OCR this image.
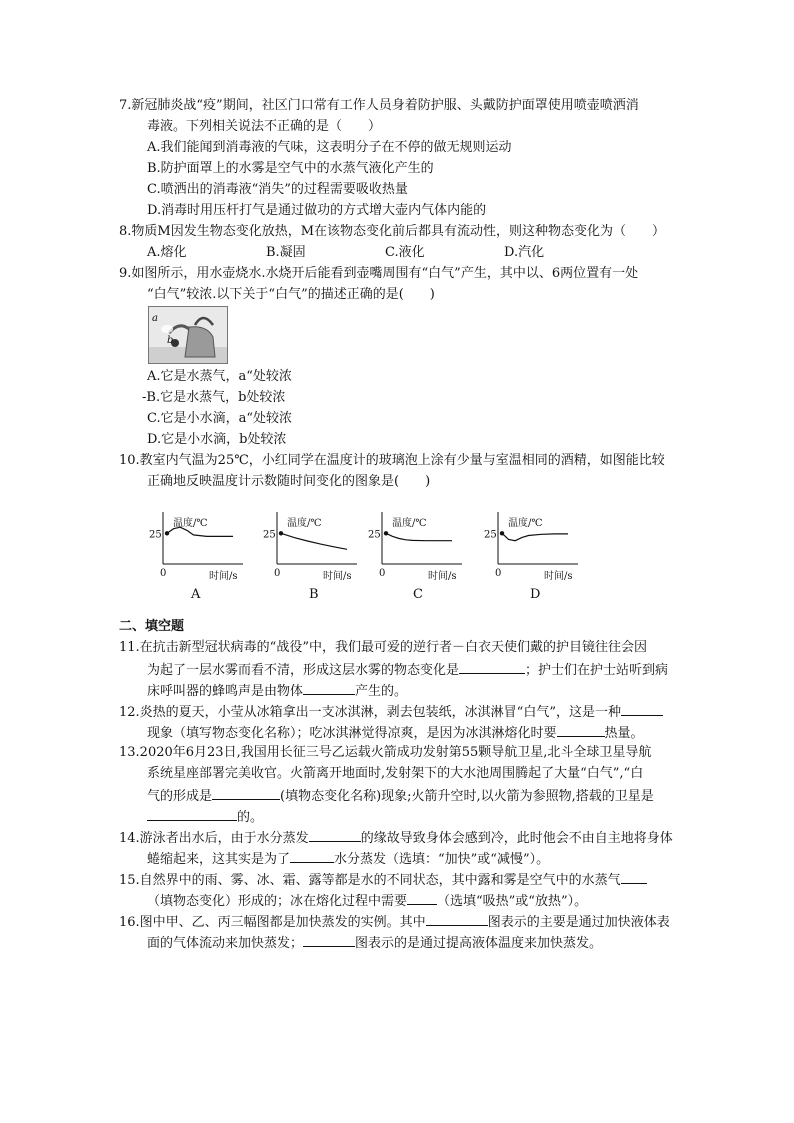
7.新冠肺炎战“疫”期间，社区门口常有工作人员身着防护服、头戴防护面罩使用喷壶喷洒消
毒液。下列相关说法不正确的是（　　）
A.我们能闻到消毒液的气味，这表明分子在不停的做无规则运动
B.防护面罩上的水雾是空气中的水蒸气液化产生的
C.喷洒出的消毒液“消失”的过程需要吸收热量
D.消毒时用压杆打气是通过做功的方式增大壶内气体内能的
8.物质M因发生物态变化放热，M在该物态变化前后都具有流动性，则这种物态变化为（　　）
A.熔化	B.凝固	C.液化	D.汽化
9.如图所示，用水壶烧水.水烧开后能看到壶嘴周围有“白气”产生，其中以、6两位置有一处
“白气”较浓.以下关于“白气”的描述正确的是(　　)
a
b
A.它是水蒸气，a“处较浓
-B.它是水蒸气，b处较浓
C.它是小水滴，a“处较浓
D.它是小水滴，b处较浓
10.教室内气温为25℃，小红同学在温度计的玻璃泡上涂有少量与室温相同的酒精，如图能比较
正确地反映温度计示数随时间变化的图象是(　　)
温度/℃
时间/s
0
25
温度/℃
时间/s
0
25
温度/℃
时间/s
0
25
温度/℃
时间/s
0
25
A	B	C	D
二、填空题
11.在抗击新型冠状病毒的“战役”中，我们最可爱的逆行者－白衣天使们戴的护目镜往往会因
为起了一层水雾而看不清，形成这层水雾的物态变化是	；护士们在护士站听到病
床呼叫器的蜂鸣声是由物体	产生的。
12.炎热的夏天，小莹从冰箱拿出一支冰淇淋，剥去包装纸，冰淇淋冒“白气”，这是一种
现象（填写物态变化名称）；吃冰淇淋觉得凉爽，是因为冰淇淋熔化时要	热量。
13.2020年6月23日,我国用长征三号乙运载火箭成功发射第55颗导航卫星,北斗全球卫星导航
系统星座部署完美收官。火箭离开地面时,发射架下的大水池周围腾起了大量“白气”,“白
气的形成是	(填物态变化名称)现象;火箭升空时,以火箭为参照物,搭载的卫星是
的。
14.游泳者出水后，由于水分蒸发	的缘故导致身体会感到冷，此时他会不由自主地将身体
蜷缩起来，这其实是为了	水分蒸发（选填：“加快”或“减慢”）。
15.自然界中的雨、雾、冰、霜、露等都是水的不同状态，其中露和雾是空气中的水蒸气
（填物态变化）形成的；冰在熔化过程中需要 （选填“吸热”或“放热”）。
16.图中甲、乙、丙三幅图都是加快蒸发的实例。其中	图表示的主要是通过加快液体表
面的气体流动来加快蒸发；	图表示的是通过提高液体温度来加快蒸发。
